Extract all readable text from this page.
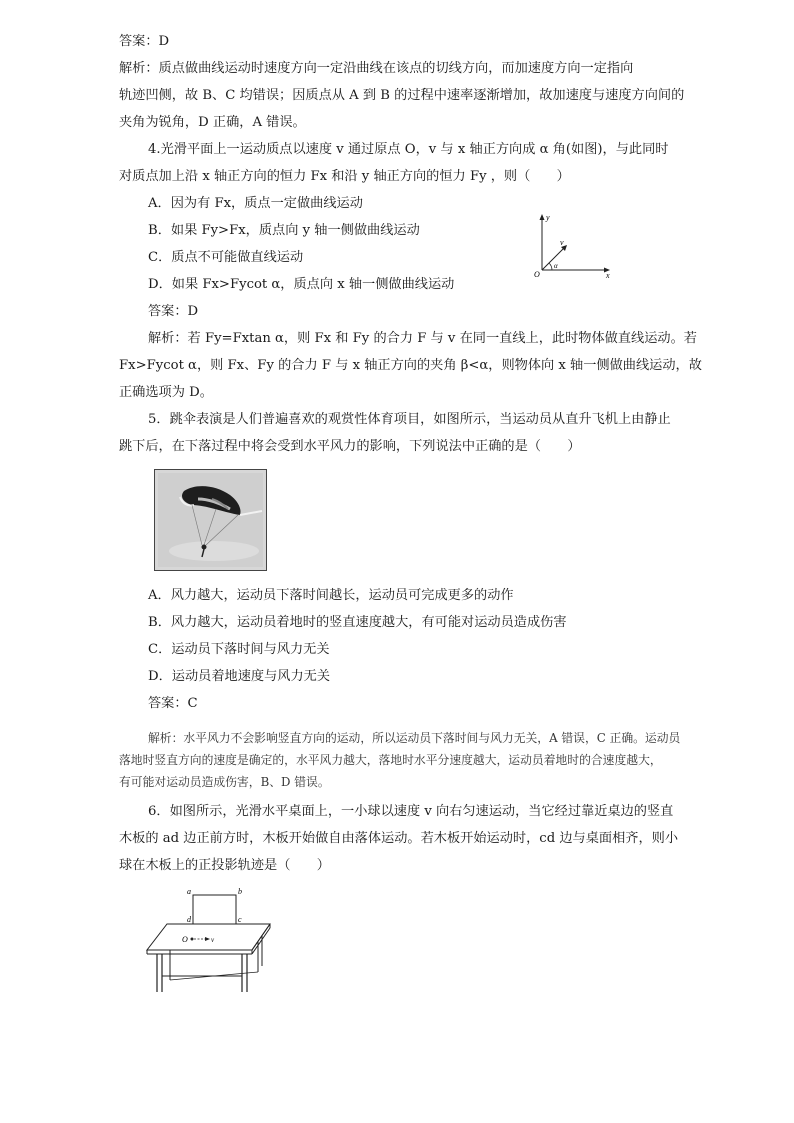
答案：D
解析：质点做曲线运动时速度方向一定沿曲线在该点的切线方向，而加速度方向一定指向
轨迹凹侧，故 B、C 均错误；因质点从 A 到 B 的过程中速率逐渐增加，故加速度与速度方向间的
夹角为锐角，D 正确，A 错误。
4.光滑平面上一运动质点以速度 v 通过原点 O，v 与 x 轴正方向成 α 角(如图)，与此同时
对质点加上沿 x 轴正方向的恒力 Fx 和沿 y 轴正方向的恒力 Fy ，则（　　）
A．因为有 Fx，质点一定做曲线运动
B．如果 Fy>Fx，质点向 y 轴一侧做曲线运动
C．质点不可能做直线运动
D．如果 Fx>Fycot α，质点向 x 轴一侧做曲线运动
答案：D
解析：若 Fy=Fxtan α，则 Fx 和 Fy 的合力 F 与 v 在同一直线上，此时物体做直线运动。若
Fx>Fycot α，则 Fx、Fy 的合力 F 与 x 轴正方向的夹角 β<α，则物体向 x 轴一侧做曲线运动，故
正确选项为 D。
5．跳伞表演是人们普遍喜欢的观赏性体育项目，如图所示，当运动员从直升飞机上由静止
跳下后，在下落过程中将会受到水平风力的影响，下列说法中正确的是（　　）
A．风力越大，运动员下落时间越长，运动员可完成更多的动作
B．风力越大，运动员着地时的竖直速度越大，有可能对运动员造成伤害
C．运动员下落时间与风力无关
D．运动员着地速度与风力无关
答案：C
解析：水平风力不会影响竖直方向的运动，所以运动员下落时间与风力无关，A 错误，C 正确。运动员
落地时竖直方向的速度是确定的，水平风力越大，落地时水平分速度越大，运动员着地时的合速度越大，
有可能对运动员造成伤害，B、D 错误。
6．如图所示，光滑水平桌面上，一小球以速度 v 向右匀速运动，当它经过靠近桌边的竖直
木板的 ad 边正前方时，木板开始做自由落体运动。若木板开始运动时，cd 边与桌面相齐，则小
球在木板上的正投影轨迹是（　　）
y
x
O
v
α
a	b
c
d
O	v
